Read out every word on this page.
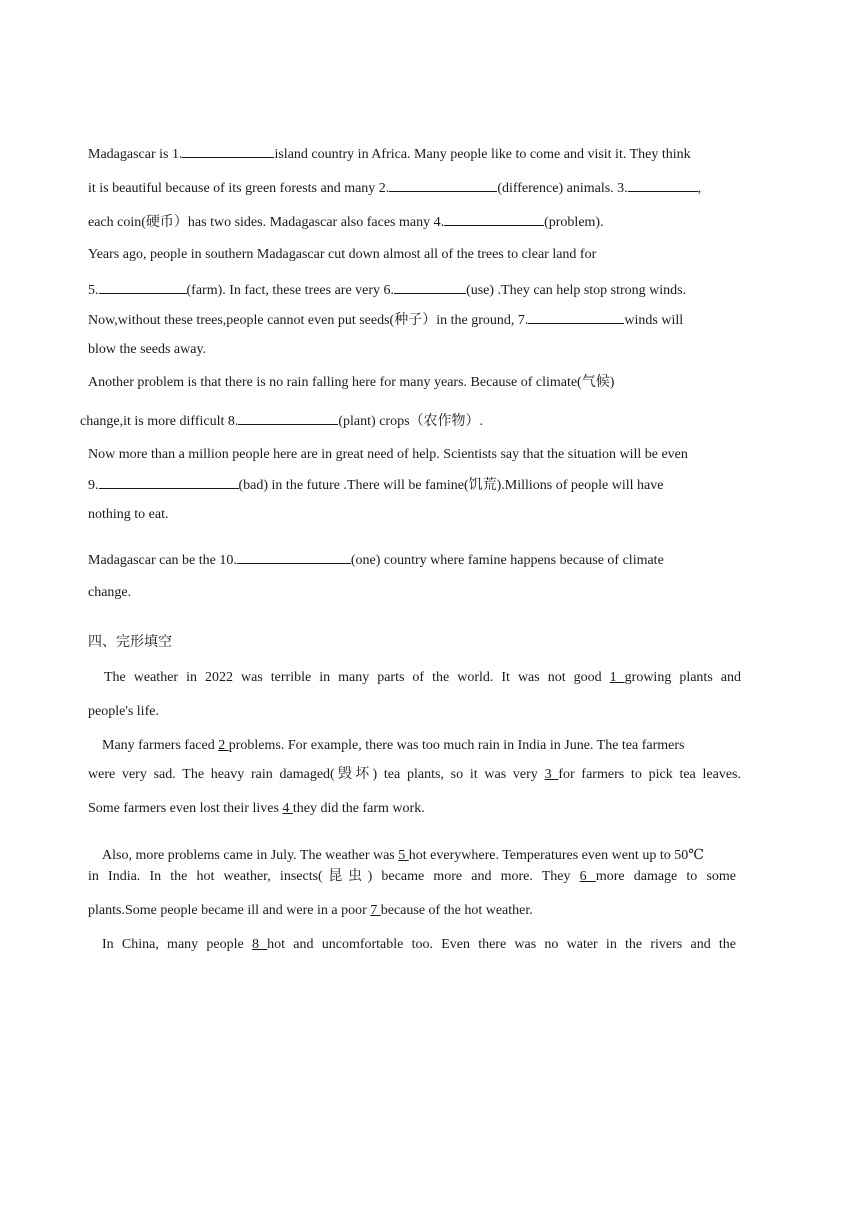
Madagascar is 1.	island country in Africa. Many people like to come and visit it. They think
it is beautiful because of its green forests and many 2.	(difference) animals. 3.	,
each coin(硬币）has two sides. Madagascar also faces many 4.	(problem).
Years ago, people in southern Madagascar cut down almost all of the trees to clear land for
5.	(farm). In fact, these trees are very 6.	(use) .They can help stop strong winds.
Now,without these trees,people cannot even put seeds(种子）in the ground, 7.	winds will
blow the seeds away.
Another problem is that there is no rain falling here for many years. Because of climate(气候)
change,it is more difficult 8.	(plant) crops（农作物）.
Now more than a million people here are in great need of help. Scientists say that the situation will be even
9.	(bad) in the future .There will be famine(饥荒).Millions of people will have
nothing to eat.
Madagascar can be the 10.	(one) country where famine happens because of climate
change.
四、完形填空
The weather in 2022 was terrible in many parts of the world. It was not good 1 growing plants and
people's life.
Many farmers faced 2 problems. For example, there was too much rain in India in June. The tea farmers
were very sad. The heavy rain damaged(毁坏) tea plants, so it was very 3 for farmers to pick tea leaves.
Some farmers even lost their lives 4 they did the farm work.
Also, more problems came in July. The weather was 5 hot everywhere. Temperatures even went up to 50℃
in India. In the hot weather, insects(昆虫) became more and more. They 6 more damage to some
plants.Some people became ill and were in a poor 7 because of the hot weather.
In China, many people 8 hot and uncomfortable too. Even there was no water in the rivers and the
